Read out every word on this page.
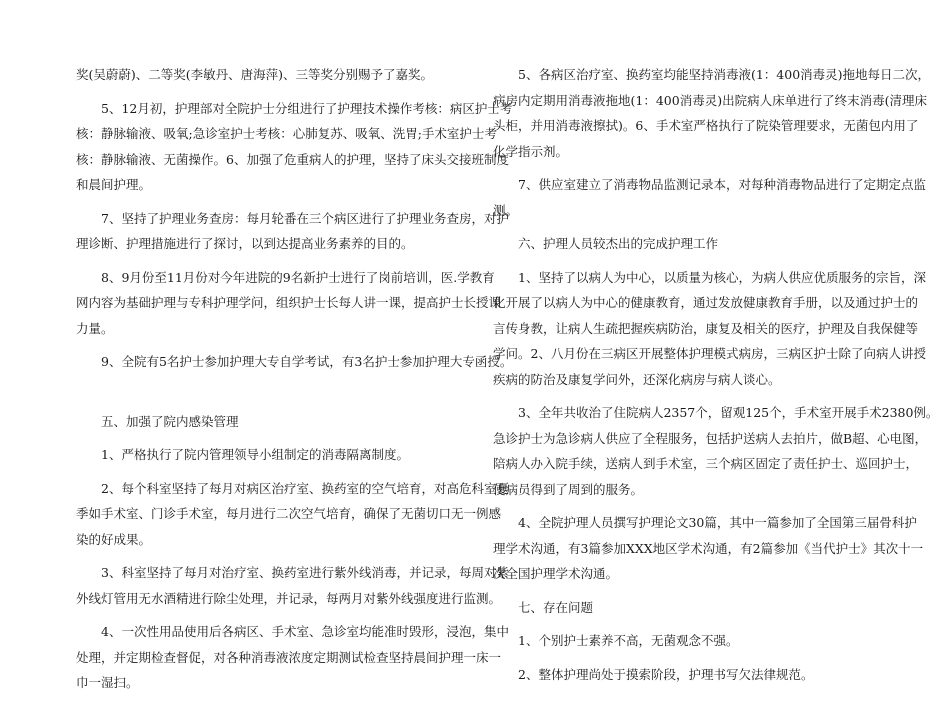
奖(吴蔚蔚)、二等奖(李敏丹、唐海萍)、三等奖分别赐予了嘉奖。

5、12月初，护理部对全院护士分组进行了护理技术操作考核：病区护士考
核：静脉输液、吸氧;急诊室护士考核：心肺复苏、吸氧、洗胃;手术室护士考
核：静脉输液、无菌操作。6、加强了危重病人的护理，坚持了床头交接班制度
和晨间护理。

7、坚持了护理业务查房：每月轮番在三个病区进行了护理业务查房，对护
理诊断、护理措施进行了探讨，以到达提高业务素养的目的。

8、9月份至11月份对今年进院的9名新护士进行了岗前培训，医.学教育
网内容为基础护理与专科护理学问，组织护士长每人讲一课，提高护士长授课
力量。

9、全院有5名护士参加护理大专自学考试，有3名护士参加护理大专函授。

五、加强了院内感染管理

1、严格执行了院内管理领导小组制定的消毒隔离制度。

2、每个科室坚持了每月对病区治疗室、换药室的空气培育，对高危科室夏
季如手术室、门诊手术室，每月进行二次空气培育，确保了无菌切口无一例感
染的好成果。

3、科室坚持了每月对治疗室、换药室进行紫外线消毒，并记录，每周对紫
外线灯管用无水酒精进行除尘处理，并记录，每两月对紫外线强度进行监测。

4、一次性用品使用后各病区、手术室、急诊室均能准时毁形，浸泡，集中
处理，并定期检查督促，对各种消毒液浓度定期测试检查坚持晨间护理一床一
巾一湿扫。

5、各病区治疗室、换药室均能坚持消毒液(1：400消毒灵)拖地每日二次，
病房内定期用消毒液拖地(1：400消毒灵)出院病人床单进行了终末消毒(清理床
头柜，并用消毒液擦拭)。6、手术室严格执行了院染管理要求，无菌包内用了
化学指示剂。

7、供应室建立了消毒物品监测记录本，对每种消毒物品进行了定期定点监
测。

六、护理人员较杰出的完成护理工作

1、坚持了以病人为中心，以质量为核心，为病人供应优质服务的宗旨，深
化开展了以病人为中心的健康教育，通过发放健康教育手册，以及通过护士的
言传身教，让病人生疏把握疾病防治，康复及相关的医疗，护理及自我保健等
学问。2、八月份在三病区开展整体护理模式病房，三病区护士除了向病人讲授
疾病的防治及康复学问外，还深化病房与病人谈心。

3、全年共收治了住院病人2357个，留观125个，手术室开展手术2380例。
急诊护士为急诊病人供应了全程服务，包括护送病人去拍片，做B超、心电图，
陪病人办入院手续，送病人到手术室，三个病区固定了责任护士、巡回护士，
使病员得到了周到的服务。

4、全院护理人员撰写护理论文30篇，其中一篇参加了全国第三届骨科护
理学术沟通，有3篇参加XXX地区学术沟通，有2篇参加《当代护士》其次十一
次全国护理学术沟通。

七、存在问题

1、个别护士素养不高，无菌观念不强。

2、整体护理尚处于摸索阶段，护理书写欠法律规范。
